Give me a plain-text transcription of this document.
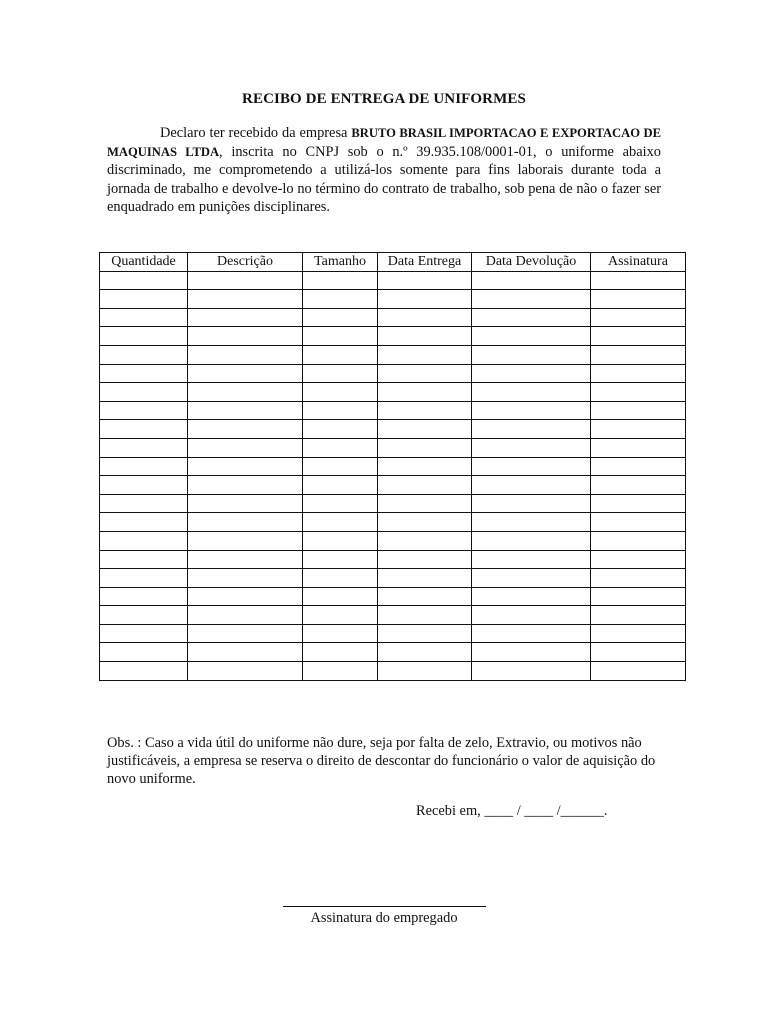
RECIBO DE ENTREGA DE UNIFORMES

Declaro ter recebido da empresa BRUTO BRASIL IMPORTACAO E EXPORTACAO DE MAQUINAS LTDA, inscrita no CNPJ sob o n.º 39.935.108/0001-01, o uniforme abaixo discriminado, me comprometendo a utilizá-los somente para fins laborais durante toda a jornada de trabalho e devolve-lo no término do contrato de trabalho, sob pena de não o fazer ser enquadrado em punições disciplinares.

Quantidade	Descrição	Tamanho	Data Entrega	Data Devolução	Assinatura

Obs. : Caso a vida útil do uniforme não dure, seja por falta de zelo, Extravio, ou motivos não justificáveis, a empresa se reserva o direito de descontar do funcionário o valor de aquisição do novo uniforme.

Recebi em, ____ / ____ /______.
Assinatura do empregado
